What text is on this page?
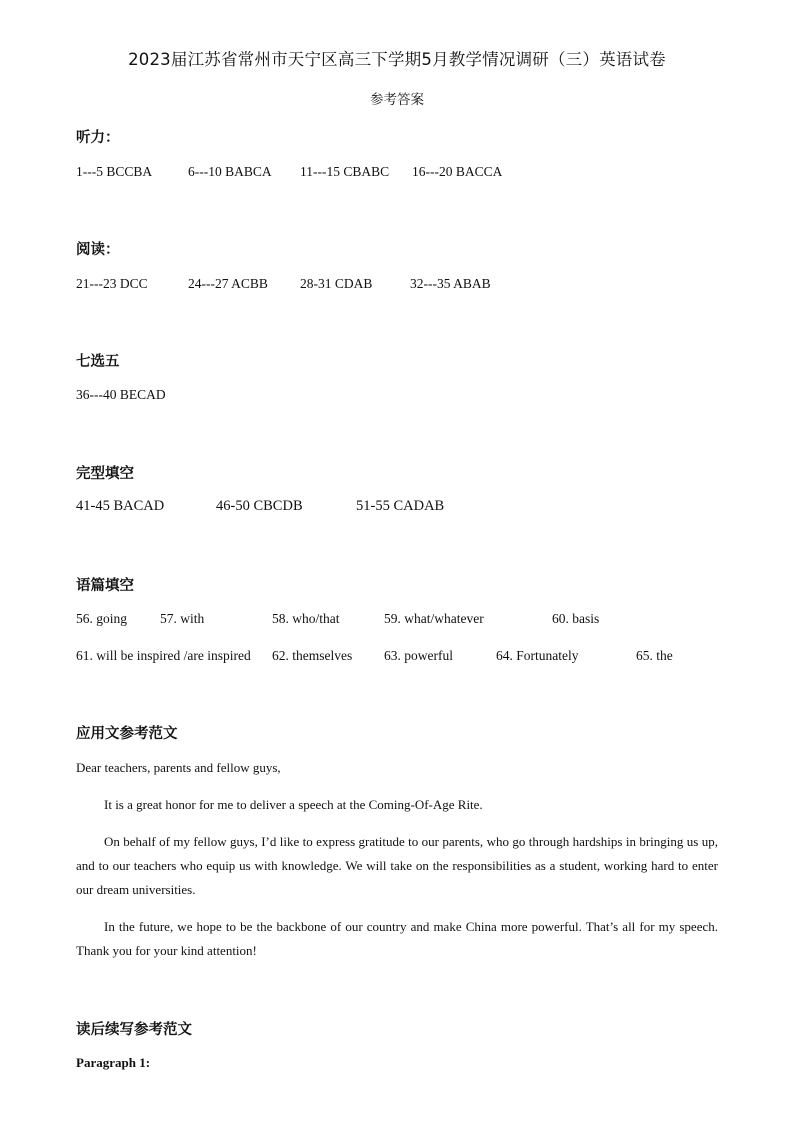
2023届江苏省常州市天宁区高三下学期5月教学情况调研（三）英语试卷
参考答案
听力：
1---5 BCCBA	6---10 BABCA 11---15 CBABC 16---20 BACCA
阅读：
21---23 DCC	24---27 ACBB 28-31 CDAB	32---35 ABAB
七选五
36---40 BECAD
完型填空
41-45 BACAD	46-50 CBCDB	51-55 CADAB
语篇填空
56. going 57. with	58. who/that	59. what/whatever	60. basis
61. will be inspired /are inspired 62. themselves 63. powerful	64. Fortunately	65. the
应用文参考范文
Dear teachers, parents and fellow guys,
It is a great honor for me to deliver a speech at the Coming-Of-Age Rite.
On behalf of my fellow guys, I’d like to express gratitude to our parents, who go through hardships in bringing us up, and to our teachers who equip us with knowledge. We will take on the responsibilities as a student, working hard to enter our dream universities.
In the future, we hope to be the backbone of our country and make China more powerful. That’s all for my speech. Thank you for your kind attention!
读后续写参考范文
Paragraph 1:
